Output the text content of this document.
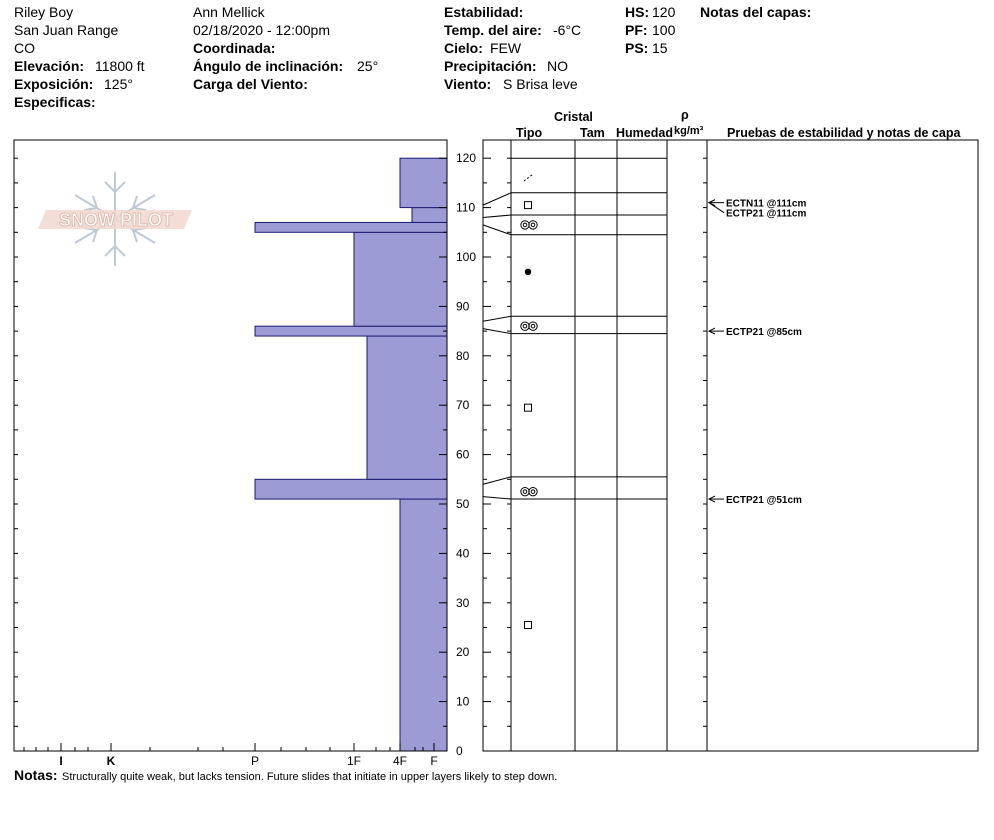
Riley Boy
San Juan Range
CO
Elevación: 11800 ft
Exposición: 125°
Especificas:
Ann Mellick
02/18/2020 - 12:00pm
Coordinada:
Ángulo de inclinación: 25°
Carga del Viento:
Estabilidad:
Temp. del aire: -6°C
Cielo: FEW
Precipitación: NO
Viento: S Brisa leve
HS: 120
PF: 100
PS: 15
Notas del capas:
Cristal
Tipo	Tam Humedad
ρ
kg/m³ Pruebas de estabilidad y notas de capa
SNOW PILOT
0
10
20
30
40
50
60
70
80
90
100
110
120
I	K	P	1F	4F F
ECTN11 @111cm
ECTP21 @111cm
ECTP21 @85cm
ECTP21 @51cm
Notas: Structurally quite weak, but lacks tension. Future slides that initiate in upper layers likely to step down.
